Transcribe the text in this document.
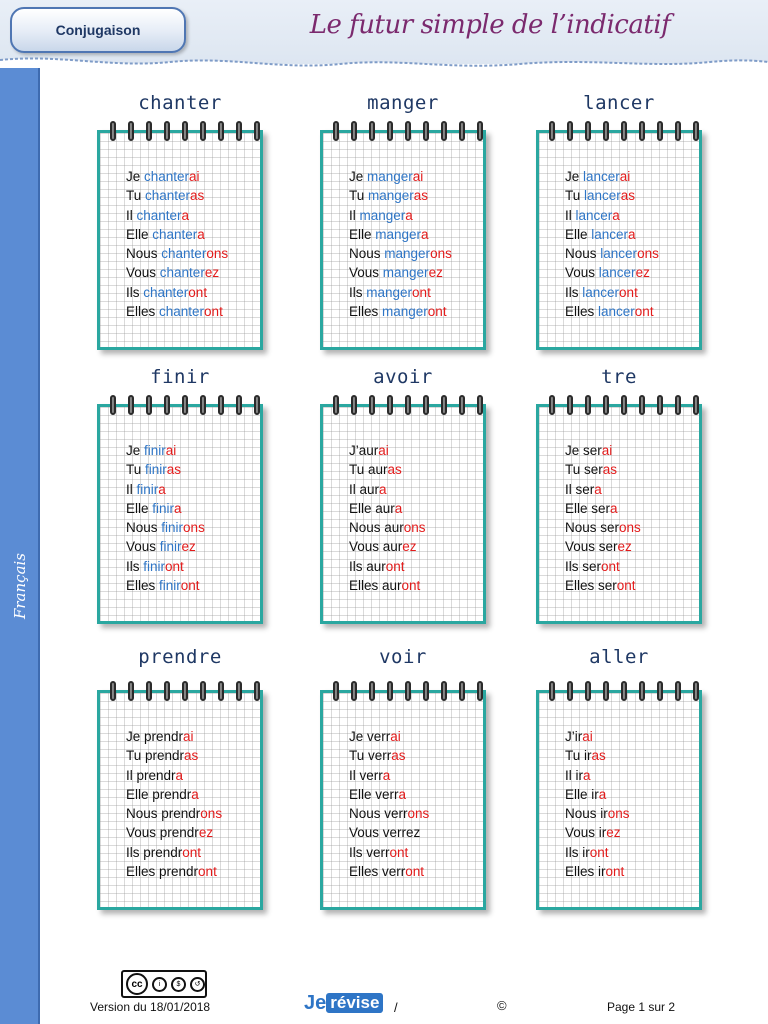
Conjugaison	Le futur simple de l’indicatif
Français
chanter
Je chanterai
Tu chanteras
Il chantera
Elle chantera
Nous chanterons
Vous chanterez
Ils chanteront
Elles chanteront
manger
Je mangerai
Tu mangeras
Il mangera
Elle mangera
Nous mangerons
Vous mangerez
Ils mangeront
Elles mangeront
lancer
Je lancerai
Tu lanceras
Il lancera
Elle lancera
Nous lancerons
Vous lancerez
Ils lanceront
Elles lanceront
finir
Je finirai
Tu finiras
Il finira
Elle finira
Nous finirons
Vous finirez
Ils finiront
Elles finiront
avoir
J’aurai
Tu auras
Il aura
Elle aura
Nous aurons
Vous aurez
Ils auront
Elles auront
tre
Je serai
Tu seras
Il sera
Elle sera
Nous serons
Vous serez
Ils seront
Elles seront
prendre
Je prendrai
Tu prendras
Il prendra
Elle prendra
Nous prendrons
Vous prendrez
Ils prendront
Elles prendront
voir
Je verrai
Tu verras
Il verra
Elle verra
Nous verrons
Vous verrez
Ils verront
Elles verront
aller
J’irai
Tu iras
Il ira
Elle ira
Nous irons
Vous irez
Ils iront
Elles iront
cc	i	$	↺
Version du 18/01/2018	Je révise	/	©	Page 1 sur 2
